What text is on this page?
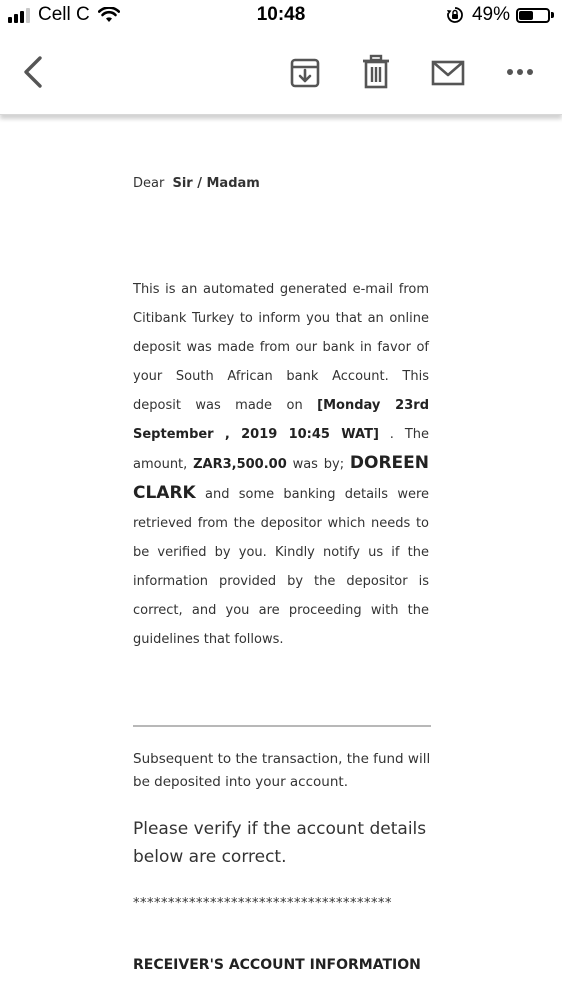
Cell C	10:48	49%
Dear Sir / Madam
This is an automated generated e-mail from Citibank Turkey to inform you that an online deposit was made from our bank in favor of your South African bank Account. This deposit was made on [Monday 23rd September , 2019 10:45 WAT] . The amount, ZAR3,500.00 was by; DOREEN CLARK and some banking details were retrieved from the depositor which needs to be verified by you. Kindly notify us if the information provided by the depositor is correct, and you are proceeding with the guidelines that follows.
Subsequent to the transaction, the fund will be deposited into your account.
Please verify if the account details below are correct.
*************************************
RECEIVER'S ACCOUNT INFORMATION
